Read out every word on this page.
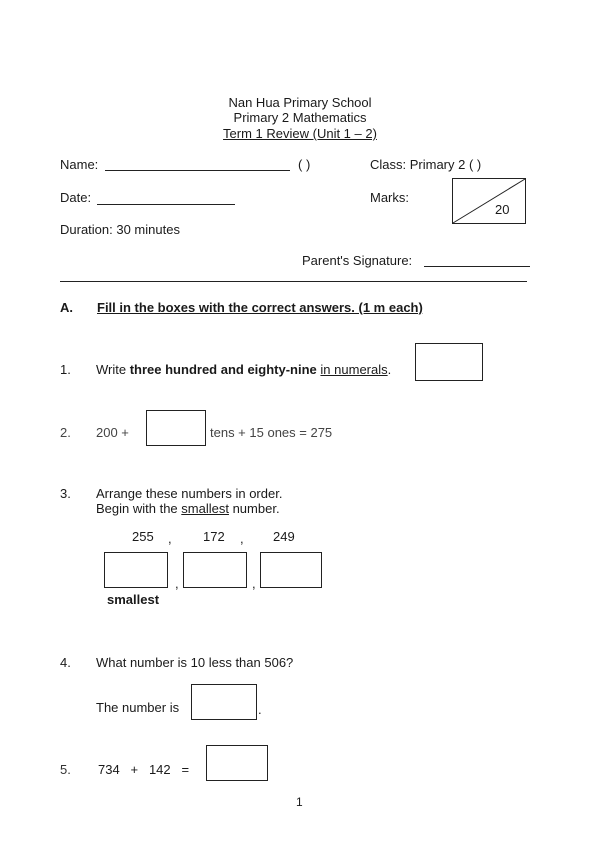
Nan Hua Primary School
Primary 2 Mathematics
Term 1 Review (Unit 1 – 2)
Name:	( )	Class: Primary 2 ( )
Date:	Marks:
20
Duration: 30 minutes
Parent's Signature:
A. Fill in the boxes with the correct answers. (1 m each)
1. Write three hundred and eighty-nine in numerals.
2. 200 +	tens + 15 ones = 275
3. Arrange these numbers in order.
Begin with the smallest number.
255 , 172 , 249
,	,
smallest
4. What number is 10 less than 506?
The number is	.
5. 734   +   142   =
1
